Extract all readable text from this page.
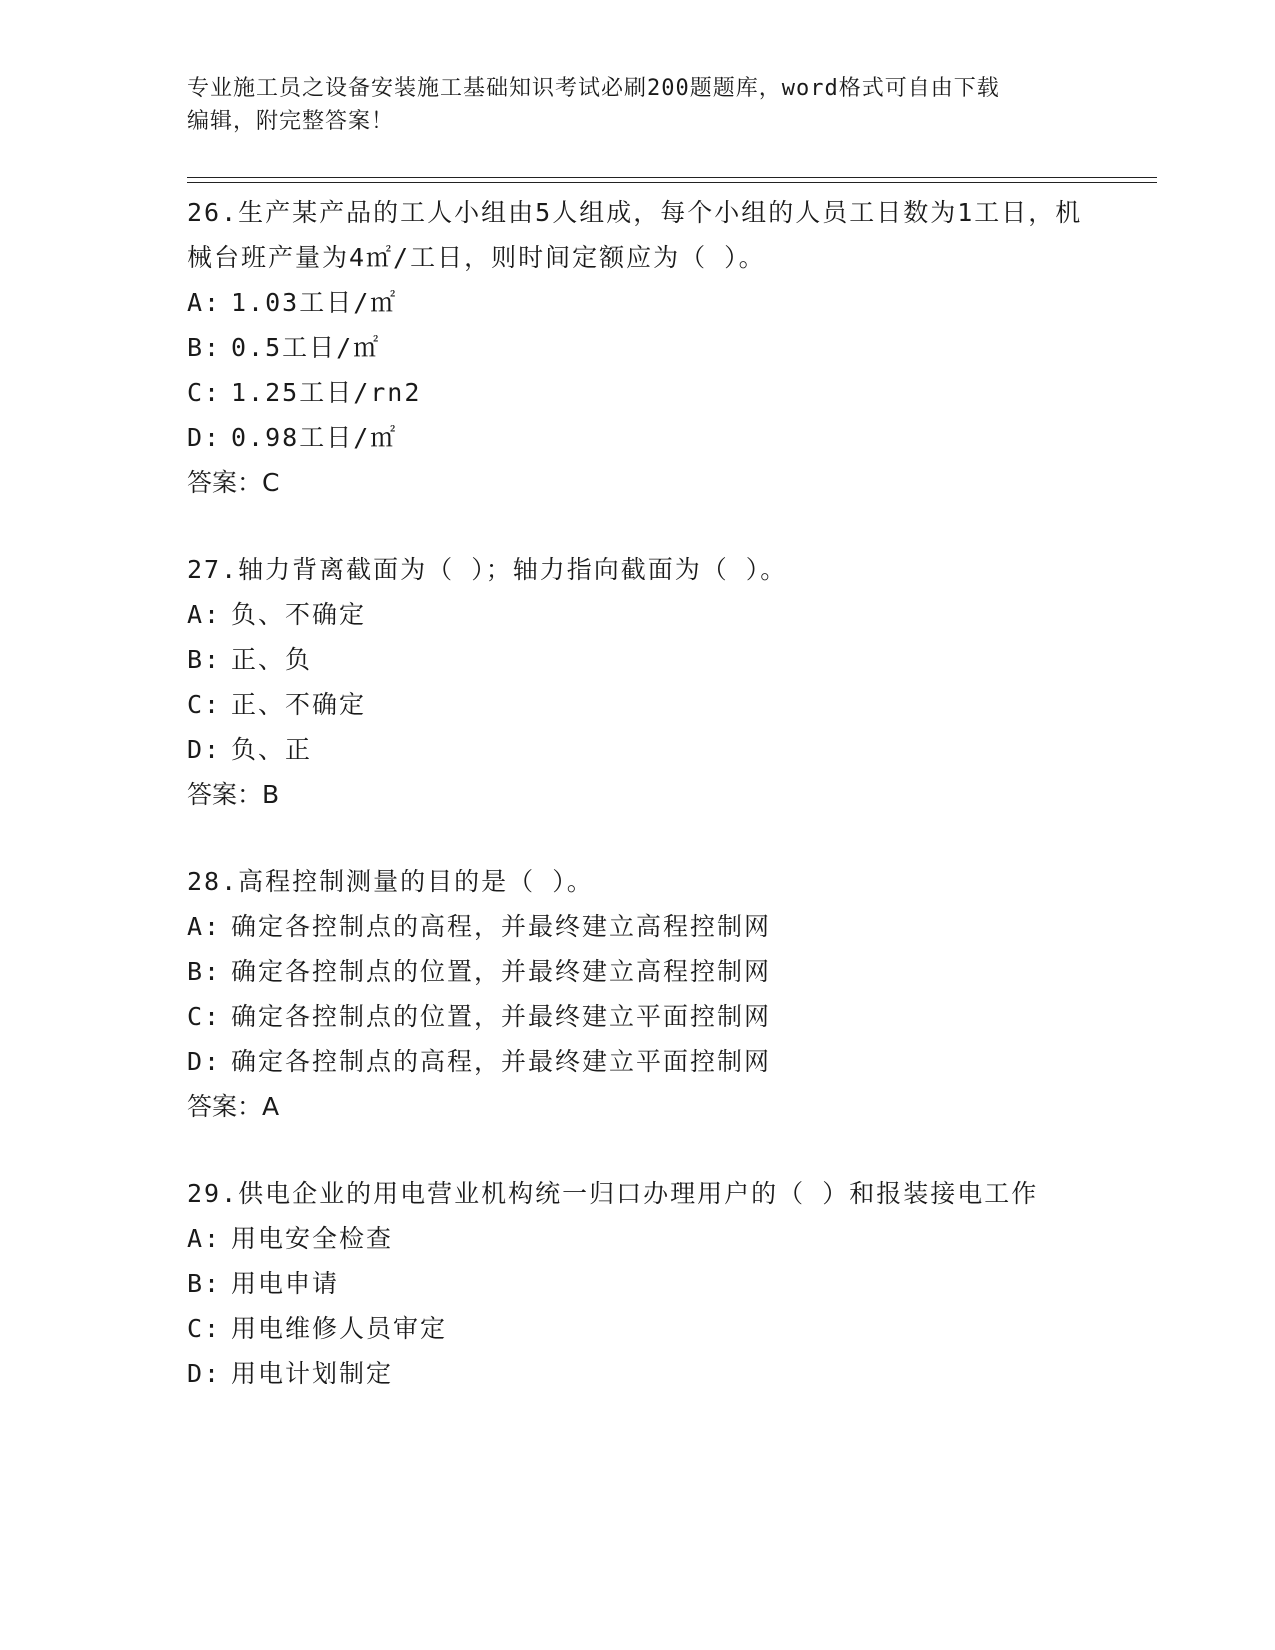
专业施工员之设备安装施工基础知识考试必刷200题题库，word格式可自由下载
编辑，附完整答案！

26.生产某产品的工人小组由5人组成，每个小组的人员工日数为1工日，机械台班产量为4㎡/工日，则时间定额应为（ ）。

A: 1.03工日/㎡

B: 0.5工日/㎡

C: 1.25工日/rn2

D: 0.98工日/㎡

答案：C

27.轴力背离截面为（ ）；轴力指向截面为（ ）。

A: 负、不确定

B: 正、负

C: 正、不确定

D: 负、正

答案：B

28.高程控制测量的目的是（ ）。

A: 确定各控制点的高程，并最终建立高程控制网

B: 确定各控制点的位置，并最终建立高程控制网

C: 确定各控制点的位置，并最终建立平面控制网

D: 确定各控制点的高程，并最终建立平面控制网

答案：A

29.供电企业的用电营业机构统一归口办理用户的（ ）和报装接电工作

A: 用电安全检查

B: 用电申请

C: 用电维修人员审定

D: 用电计划制定
